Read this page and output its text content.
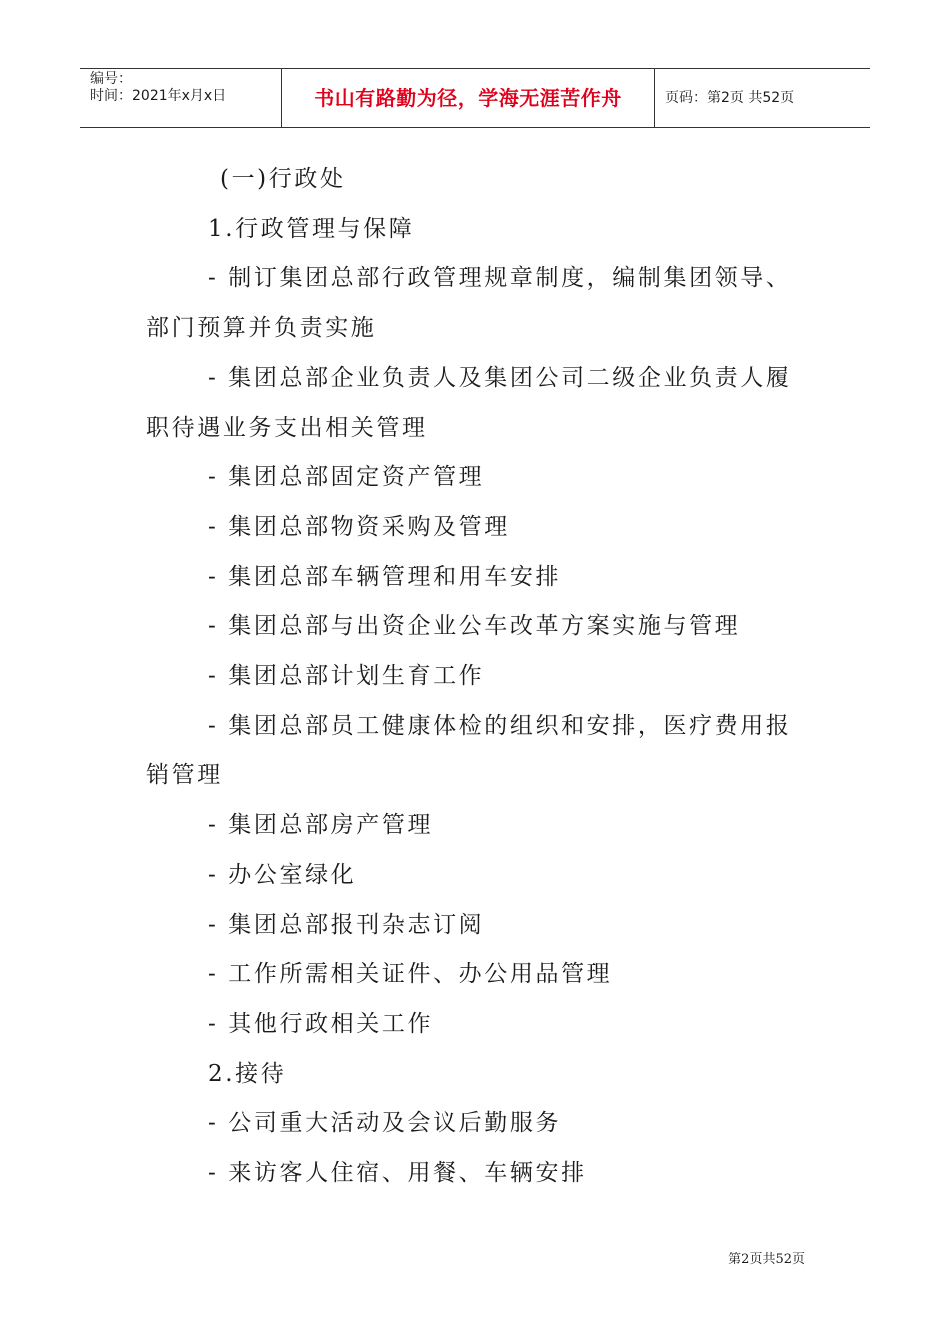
编号：
时间：2021年x月x日	书山有路勤为径，学海无涯苦作舟	页码：第2页 共52页

(一)行政处

1.行政管理与保障

- 制订集团总部行政管理规章制度，编制集团领导、部门预算并负责实施

- 集团总部企业负责人及集团公司二级企业负责人履职待遇业务支出相关管理

- 集团总部固定资产管理

- 集团总部物资采购及管理

- 集团总部车辆管理和用车安排

- 集团总部与出资企业公车改革方案实施与管理

- 集团总部计划生育工作

- 集团总部员工健康体检的组织和安排，医疗费用报销管理

- 集团总部房产管理

- 办公室绿化

- 集团总部报刊杂志订阅

- 工作所需相关证件、办公用品管理

- 其他行政相关工作

2.接待

- 公司重大活动及会议后勤服务

- 来访客人住宿、用餐、车辆安排

第2页共52页
